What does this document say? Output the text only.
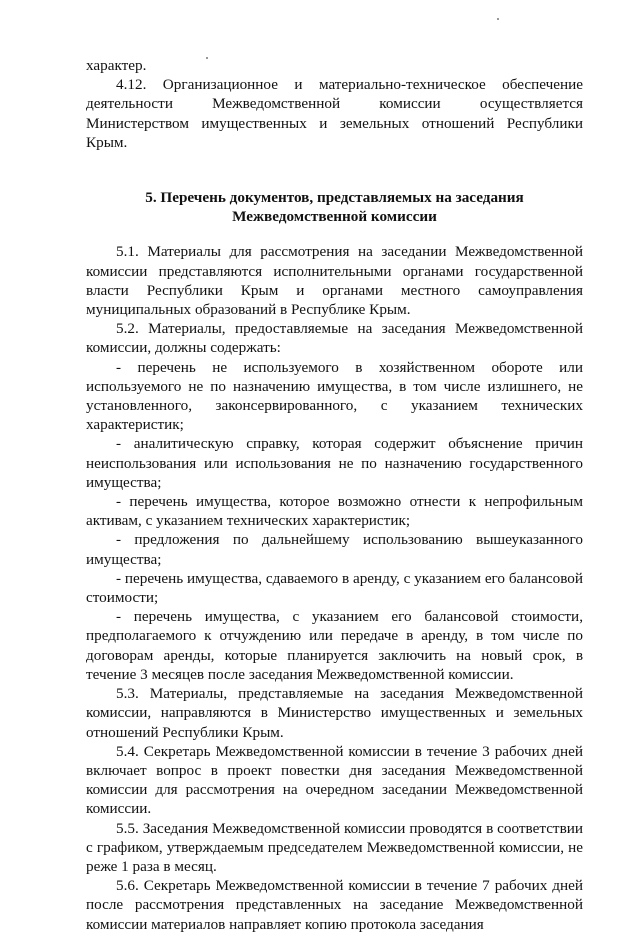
характер.

4.12. Организационное и материально-техническое обеспечение деятельности Межведомственной комиссии осуществляется Министерством имущественных и земельных отношений Республики Крым.

5. Перечень документов, представляемых на заседания
Межведомственной комиссии

5.1. Материалы для рассмотрения на заседании Межведомственной комиссии представляются исполнительными органами государственной власти Республики Крым и органами местного самоуправления муниципальных образований в Республике Крым.

5.2. Материалы, предоставляемые на заседания Межведомственной комиссии, должны содержать:

- перечень не используемого в хозяйственном обороте или используемого не по назначению имущества, в том числе излишнего, не установленного, законсервированного, с указанием технических характеристик;

- аналитическую справку, которая содержит объяснение причин неиспользования или использования не по назначению государственного имущества;

- перечень имущества, которое возможно отнести к непрофильным активам, с указанием технических характеристик;

- предложения по дальнейшему использованию вышеуказанного имущества;

- перечень имущества, сдаваемого в аренду, с указанием его балансовой стоимости;

- перечень имущества, с указанием его балансовой стоимости, предполагаемого к отчуждению или передаче в аренду, в том числе по договорам аренды, которые планируется заключить на новый срок, в течение 3 месяцев после заседания Межведомственной комиссии.

5.3. Материалы, представляемые на заседания Межведомственной комиссии, направляются в Министерство имущественных и земельных отношений Республики Крым.

5.4. Секретарь Межведомственной комиссии в течение 3 рабочих дней включает вопрос в проект повестки дня заседания Межведомственной комиссии для рассмотрения на очередном заседании Межведомственной комиссии.

5.5. Заседания Межведомственной комиссии проводятся в соответствии с графиком, утверждаемым председателем Межведомственной комиссии, не реже 1 раза в месяц.

5.6. Секретарь Межведомственной комиссии в течение 7 рабочих дней после рассмотрения представленных на заседание Межведомственной комиссии материалов направляет копию протокола заседания
